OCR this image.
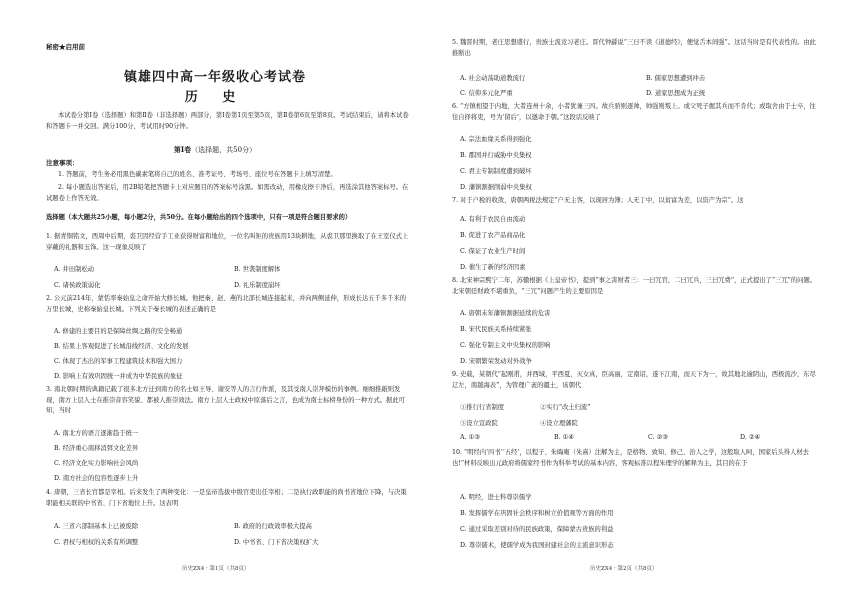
秘密★启用前
镇雄四中高一年级收心考试卷
历 史
本试卷分第Ⅰ卷（选择题）和第Ⅱ卷（非选择题）两部分，第Ⅰ卷第1页至第5页，第Ⅱ卷第6页至第8页。考试结束后，请将本试卷和答题卡一并交回。满分100分，考试用时90分钟。
第Ⅰ卷（选择题，共50分）
注意事项：
1. 答题前，考生务必用黑色碳素笔将自己的姓名、准考证号、考场号、座位号在答题卡上填写清楚。
2. 每小题选出答案后，用2B铅笔把答题卡上对应题目的答案标号涂黑。如需改动，用橡皮擦干净后，再选涂其他答案标号。在试题卷上作答无效。
选择题（本大题共25小题，每小题2分，共50分。在每小题给出的四个选项中，只有一项是符合题目要求的）
1. 据青铜铭文，西周中后期，裘卫因经营手工业获得财富和地位，一位名叫矩的贵族用13块耕地，从裘卫那里换取了在王室仪式上穿戴的礼器和玉饰。这一现象反映了
A. 井田制松动	B. 世袭制度解体
C. 诸侯政策弱化	D. 礼乐制度崩坏
2. 公元前214年，蒙恬率秦始皇之命开始大修长城。他把秦、赵、燕的北部长城连接起来，并向两侧延伸，形成长达五千多千米的万里长城，史称秦始皇长城。下列关于秦长城的表述正确的是
A. 修建的主要目的是保障丝绸之路的安全畅通
B. 结果上客观促进了长城沿线经济、文化的发展
C. 体现了杰出的军事工程建筑技术和强大国力
D. 影响上有效巩固统一并成为中华民族的象征
3. 南北朝时期的典籍记载了很多北方迁到南方的名士如王导、谢安等人的言行作派，及其受南人崇拜模仿的事例。细细推敲则发现，南方上层人士在推崇音容笑貌、都被人推崇效法。南方上层人士政权中原落后之言，也成为南士标榜身份的一种方式。据此可知，当时
A. 南北方的语言逐渐趋于统一
B. 经济重心南移消弭文化差异
C. 经济文化实力影响社会风尚
D. 南方社会的包容性逐步上升
4. 唐朝，三省长官都是宰相。后来发生了两种变化：一是皇帝选拔中级官吏出任宰相；二是执行政职能的尚书省地位下降，与决策职能相关联的中书省、门下省地位上升。这表明
A. 三省六部制基本上已被废除	B. 政府的行政效率极大提高
C. 君权与相权的关系有所调整	D. 中书省、门下省决策权扩大
历史ZX4 · 第1页（共8页）
5. 魏晋时期，老庄思想盛行，贵族士流竞习老庄。晋代钟繇说“三日不读《道德经》，便觉舌本间强”。这话当时是有代表性的。由此推断出
A. 社会动荡助道教流行	B. 儒家思想遭到冲击
C. 信仰多元化严重	D. 道家思想成为正统
6. “方镇相望于内地，大者连州十余，小者犹兼三四。故兵骄则逐帅，帅强则叛上。或父死子握其兵而不肯代；或取舍由于士卒，往往自择将吏，号为‘留后’，以邀命于朝。”这段话反映了
A. 宗法血缘关系得到强化
B. 郡国并行威胁中央集权
C. 君主专制制度遭到破坏
D. 藩镇割据削弱中央集权
7. 对于户税的收敛，唐朝两税法规定“户无主客，以现居为簿；人无丁中，以贫富为差，以资产为宗”。这
A. 有利于农民自由流动
B. 促进了农产品商品化
C. 保证了农业生产时间
D. 催生了新的经济因素
8. 北宋神宗熙宁二年，苏辙根据《上皇帝书》，提到“事之害财者三：一曰冗官，二曰冗兵，三曰冗费”，正式提出了“三冗”的问题。北宋朝廷财政不堪重负，“三冗”问题产生的主要原因是
A. 唐朝末年藩镇割据延续的危害
B. 宋代民族关系持续紧张
C. 强化专制主义中央集权的影响
D. 宋朝繁荣发动对外战争
9. 史载，某朝代“起刚甫，并西域，平西夏，灭女真，臣高丽，定南诏，遂下江南，而天下为一，故其地北逾阴山，西极流沙，东尽辽左，南越海表”，为管理广袤的疆土，该朝代
①推行行省制度	②实行“改土归流”
③设立宣政院	④设立理藩院
A. ①③	B. ①④	C. ②③	D. ②④
10. “明经内‘四书’‘五经’，以程子、朱晦庵（朱熹）注解为主，是格物、致知、修己、治人之学，这般取人呵，国家后头得人材去也!”材料反映出元政府将儒家经书作为科举考试的基本内容，客观标准以程朱理学的解释为主，其目的在于
A. 明经，进士科尊崇儒学
B. 发挥儒学在巩固社会秩序和树立价值观等方面的作用
C. 通过采取差别对待的民族政策，保障蒙古贵族的利益
D. 尊崇儒术，使儒学成为我国封建社会的主流意识形态
历史ZX4 · 第2页（共8页）
